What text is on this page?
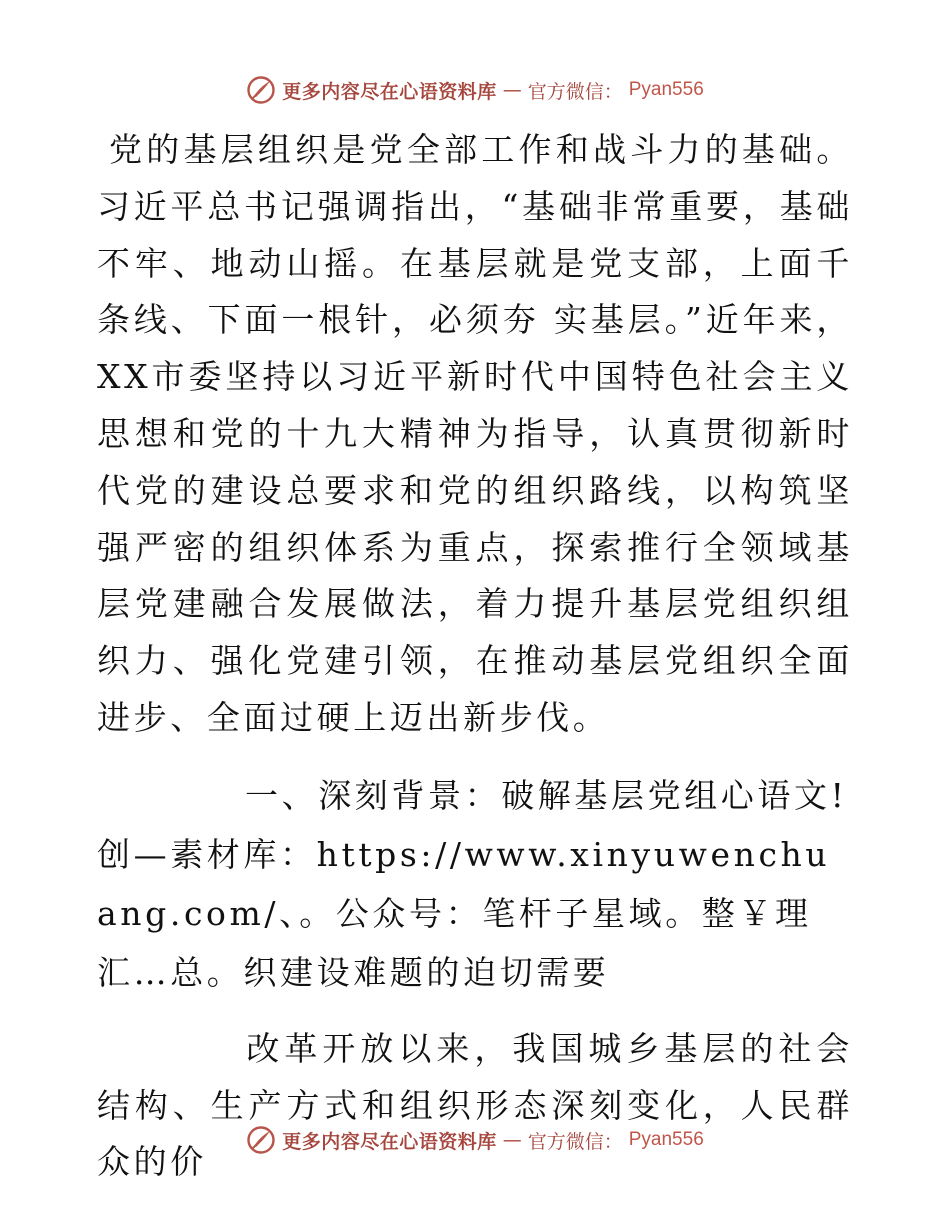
更多内容尽在心语资料库 — 官方微信： Pyan556

党的基层组织是党全部工作和战斗力的基础。习近平总书记强调指出，“基础非常重要，基础不牢、地动山摇。在基层就是党支部，上面千条线、下面一根针，必须夯 实基层。”近年来，XX市委坚持以习近平新时代中国特色社会主义思想和党的十九大精神为指导，认真贯彻新时代党的建设总要求和党的组织路线，以构筑坚强严密的组织体系为重点，探索推行全领域基层党建融合发展做法，着力提升基层党组织组织力、强化党建引领，在推动基层党组织全面进步、全面过硬上迈出新步伐。

一、深刻背景：破解基层党组心语文!创—素材库：https://www.xinyuwenchuang.com/、。公众号：笔杆子星域。整￥理汇…总。织建设难题的迫切需要

改革开放以来，我国城乡基层的社会结构、生产方式和组织形态深刻变化，人民群众的价

更多内容尽在心语资料库 — 官方微信： Pyan556
